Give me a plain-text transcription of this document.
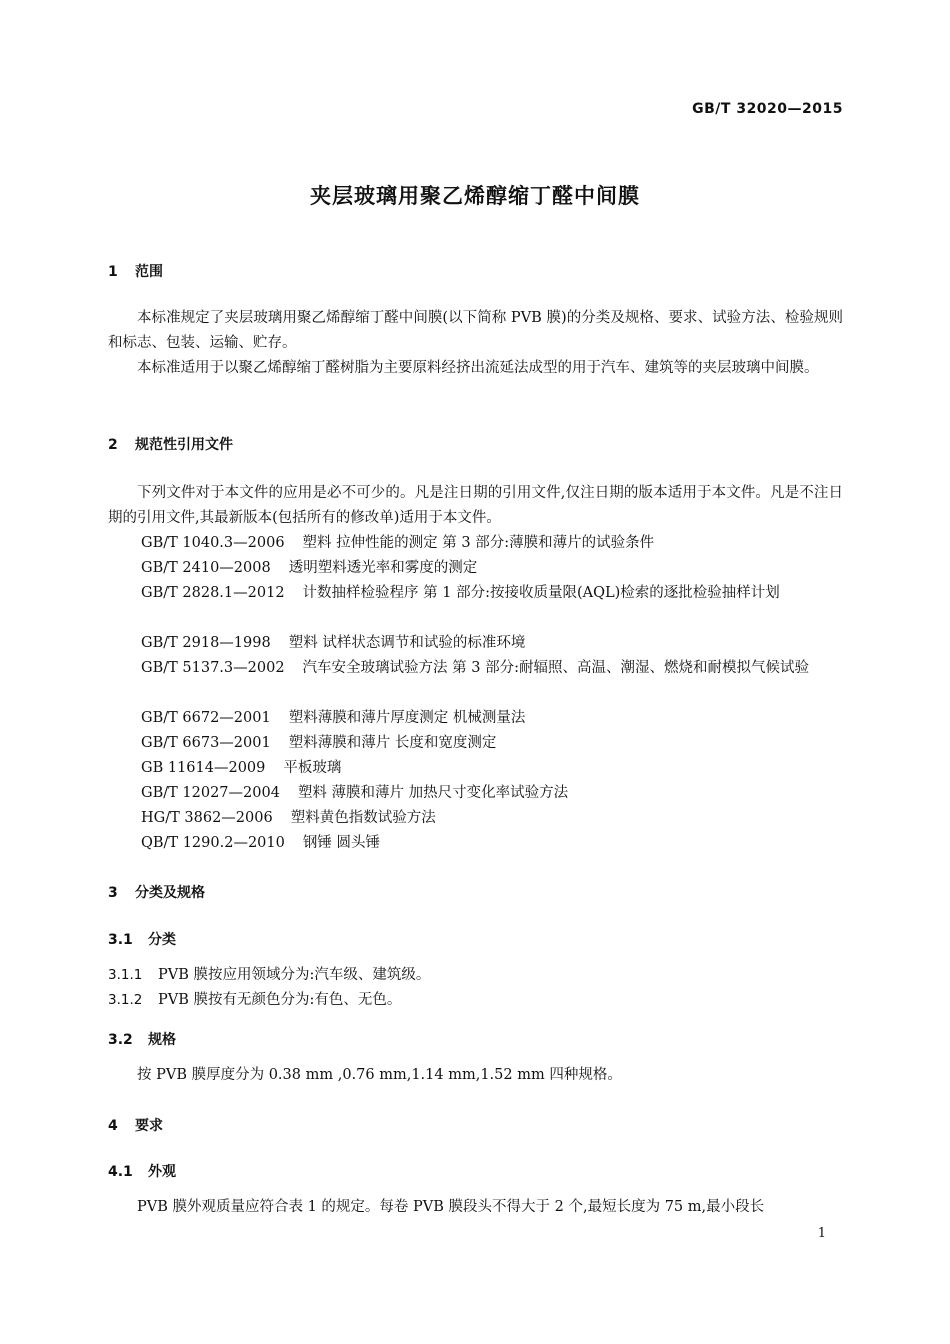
GB/T 32020—2015
夹层玻璃用聚乙烯醇缩丁醛中间膜
1 范围
本标准规定了夹层玻璃用聚乙烯醇缩丁醛中间膜(以下简称 PVB 膜)的分类及规格、要求、试验方法、检验规则和标志、包装、运输、贮存。
本标准适用于以聚乙烯醇缩丁醛树脂为主要原料经挤出流延法成型的用于汽车、建筑等的夹层玻璃中间膜。
2 规范性引用文件
下列文件对于本文件的应用是必不可少的。凡是注日期的引用文件,仅注日期的版本适用于本文件。凡是不注日期的引用文件,其最新版本(包括所有的修改单)适用于本文件。
GB/T 1040.3—2006 塑料 拉伸性能的测定 第 3 部分:薄膜和薄片的试验条件
GB/T 2410—2008 透明塑料透光率和雾度的测定
GB/T 2828.1—2012 计数抽样检验程序 第 1 部分:按接收质量限(AQL)检索的逐批检验抽样计划
GB/T 2918—1998 塑料 试样状态调节和试验的标准环境
GB/T 5137.3—2002 汽车安全玻璃试验方法 第 3 部分:耐辐照、高温、潮湿、燃烧和耐模拟气候试验
GB/T 6672—2001 塑料薄膜和薄片厚度测定 机械测量法
GB/T 6673—2001 塑料薄膜和薄片 长度和宽度测定
GB 11614—2009 平板玻璃
GB/T 12027—2004 塑料 薄膜和薄片 加热尺寸变化率试验方法
HG/T 3862—2006 塑料黄色指数试验方法
QB/T 1290.2—2010 钢锤 圆头锤
3 分类及规格
3.1 分类
3.1.1 PVB 膜按应用领域分为:汽车级、建筑级。
3.1.2 PVB 膜按有无颜色分为:有色、无色。
3.2 规格
按 PVB 膜厚度分为 0.38 mm ,0.76 mm,1.14 mm,1.52 mm 四种规格。
4 要求
4.1 外观
PVB 膜外观质量应符合表 1 的规定。每卷 PVB 膜段头不得大于 2 个,最短长度为 75 m,最小段长
1
